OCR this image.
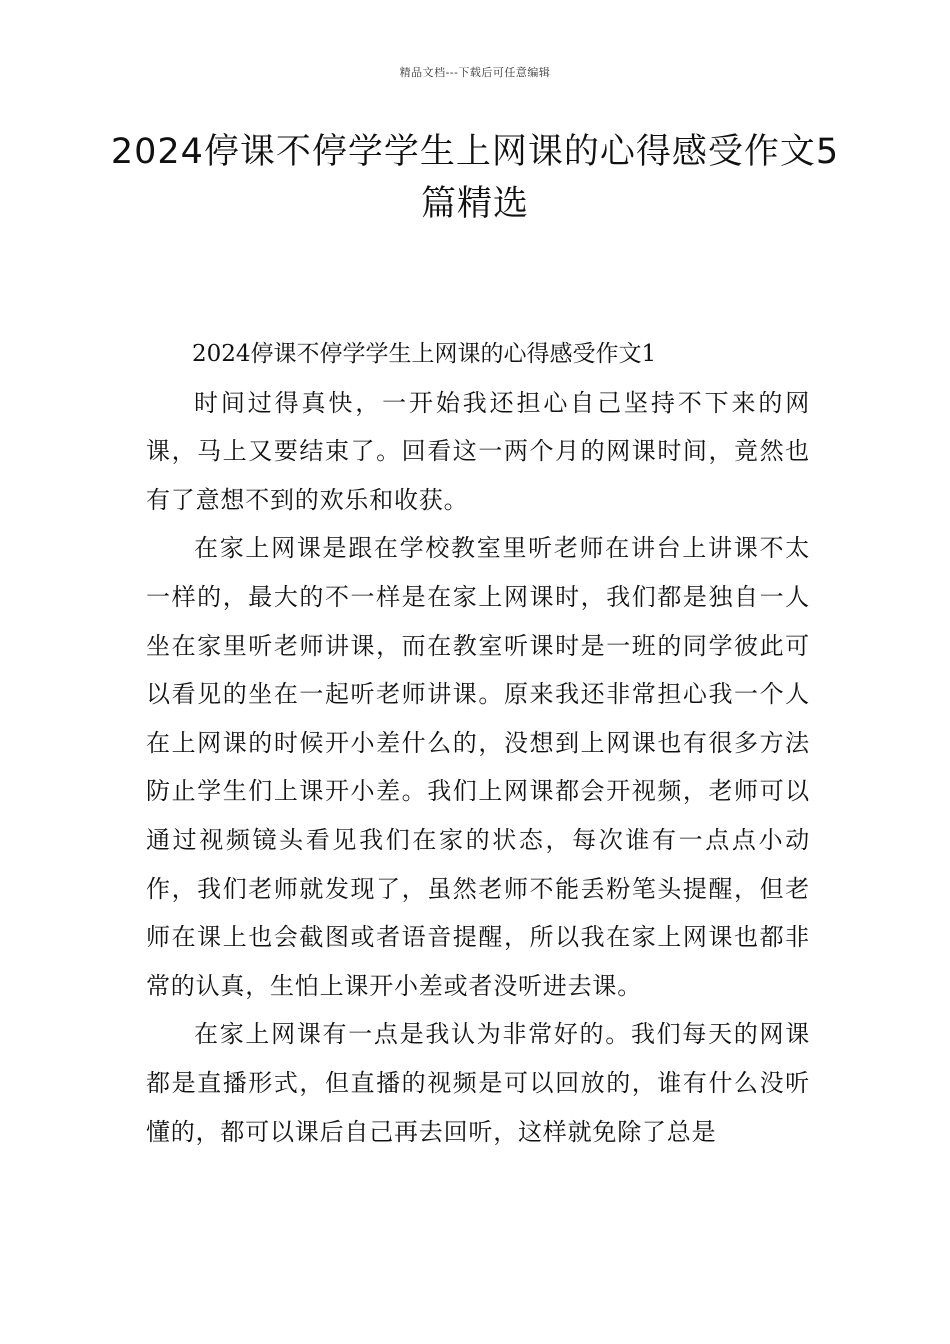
精品文档---下载后可任意编辑
2024停课不停学学生上网课的心得感受作文5篇精选

2024停课不停学学生上网课的心得感受作文1

时间过得真快，一开始我还担心自己坚持不下来的网课，马上又要结束了。回看这一两个月的网课时间，竟然也有了意想不到的欢乐和收获。

在家上网课是跟在学校教室里听老师在讲台上讲课不太一样的，最大的不一样是在家上网课时，我们都是独自一人坐在家里听老师讲课，而在教室听课时是一班的同学彼此可以看见的坐在一起听老师讲课。原来我还非常担心我一个人在上网课的时候开小差什么的，没想到上网课也有很多方法防止学生们上课开小差。我们上网课都会开视频，老师可以通过视频镜头看见我们在家的状态，每次谁有一点点小动作，我们老师就发现了，虽然老师不能丢粉笔头提醒，但老师在课上也会截图或者语音提醒，所以我在家上网课也都非常的认真，生怕上课开小差或者没听进去课。

在家上网课有一点是我认为非常好的。我们每天的网课都是直播形式，但直播的视频是可以回放的，谁有什么没听懂的，都可以课后自己再去回听，这样就免除了总是
